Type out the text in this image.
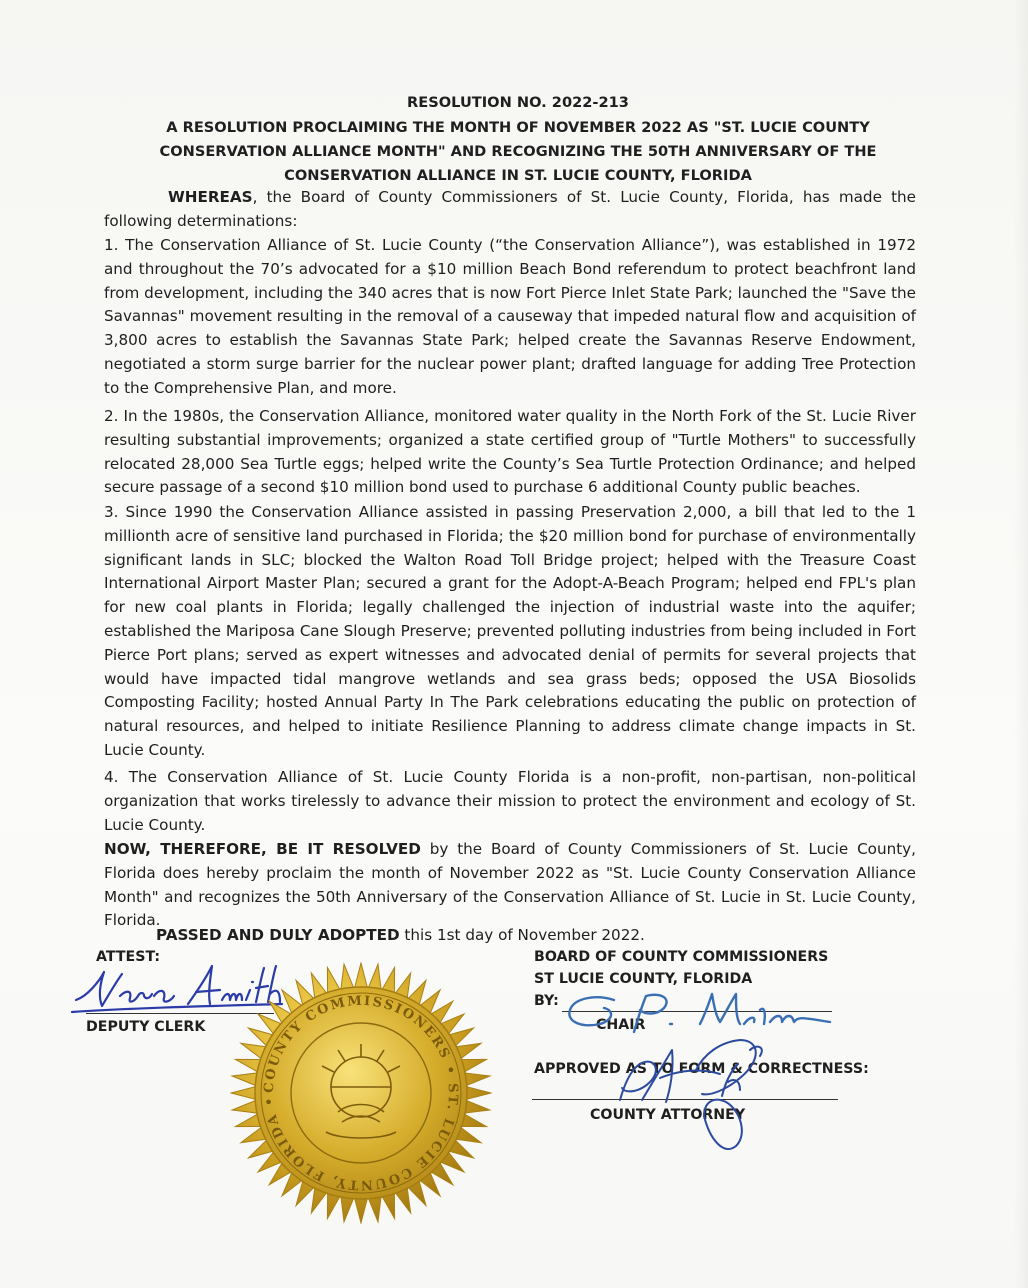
RESOLUTION NO. 2022-213
A RESOLUTION PROCLAIMING THE MONTH OF NOVEMBER 2022 AS "ST. LUCIE COUNTY
CONSERVATION ALLIANCE MONTH" AND RECOGNIZING THE 50TH ANNIVERSARY OF THE
CONSERVATION ALLIANCE IN ST. LUCIE COUNTY, FLORIDA

WHEREAS, the Board of County Commissioners of St. Lucie County, Florida, has made the following determinations:

1. The Conservation Alliance of St. Lucie County (“the Conservation Alliance”), was established in 1972 and throughout the 70’s advocated for a $10 million Beach Bond referendum to protect beachfront land from development, including the 340 acres that is now Fort Pierce Inlet State Park; launched the "Save the Savannas" movement resulting in the removal of a causeway that impeded natural flow and acquisition of 3,800 acres to establish the Savannas State Park; helped create the Savannas Reserve Endowment, negotiated a storm surge barrier for the nuclear power plant; drafted language for adding Tree Protection to the Comprehensive Plan, and more.

2. In the 1980s, the Conservation Alliance, monitored water quality in the North Fork of the St. Lucie River resulting substantial improvements; organized a state certified group of "Turtle Mothers" to successfully relocated 28,000 Sea Turtle eggs; helped write the County’s Sea Turtle Protection Ordinance; and helped secure passage of a second $10 million bond used to purchase 6 additional County public beaches.

3. Since 1990 the Conservation Alliance assisted in passing Preservation 2,000, a bill that led to the 1 millionth acre of sensitive land purchased in Florida; the $20 million bond for purchase of environmentally significant lands in SLC; blocked the Walton Road Toll Bridge project; helped with the Treasure Coast International Airport Master Plan; secured a grant for the Adopt-A-Beach Program; helped end FPL's plan for new coal plants in Florida; legally challenged the injection of industrial waste into the aquifer; established the Mariposa Cane Slough Preserve; prevented polluting industries from being included in Fort Pierce Port plans; served as expert witnesses and advocated denial of permits for several projects that would have impacted tidal mangrove wetlands and sea grass beds; opposed the USA Biosolids Composting Facility; hosted Annual Party In The Park celebrations educating the public on protection of natural resources, and helped to initiate Resilience Planning to address climate change impacts in St. Lucie County.

4. The Conservation Alliance of St. Lucie County Florida is a non-profit, non-partisan, non-political organization that works tirelessly to advance their mission to protect the environment and ecology of St. Lucie County.

NOW, THEREFORE, BE IT RESOLVED by the Board of County Commissioners of St. Lucie County, Florida does hereby proclaim the month of November 2022 as "St. Lucie County Conservation Alliance Month" and recognizes the 50th Anniversary of the Conservation Alliance of St. Lucie in St. Lucie County, Florida.

PASSED AND DULY ADOPTED this 1st day of November 2022.
ATTEST:
DEPUTY CLERK
BOARD OF COUNTY COMMISSIONERS
ST LUCIE COUNTY, FLORIDA
BY:
CHAIR
APPROVED AS TO FORM & CORRECTNESS:
COUNTY ATTORNEY
COUNTY COMMISSIONERS • ST. LUCIE COUNTY, FLORIDA •
